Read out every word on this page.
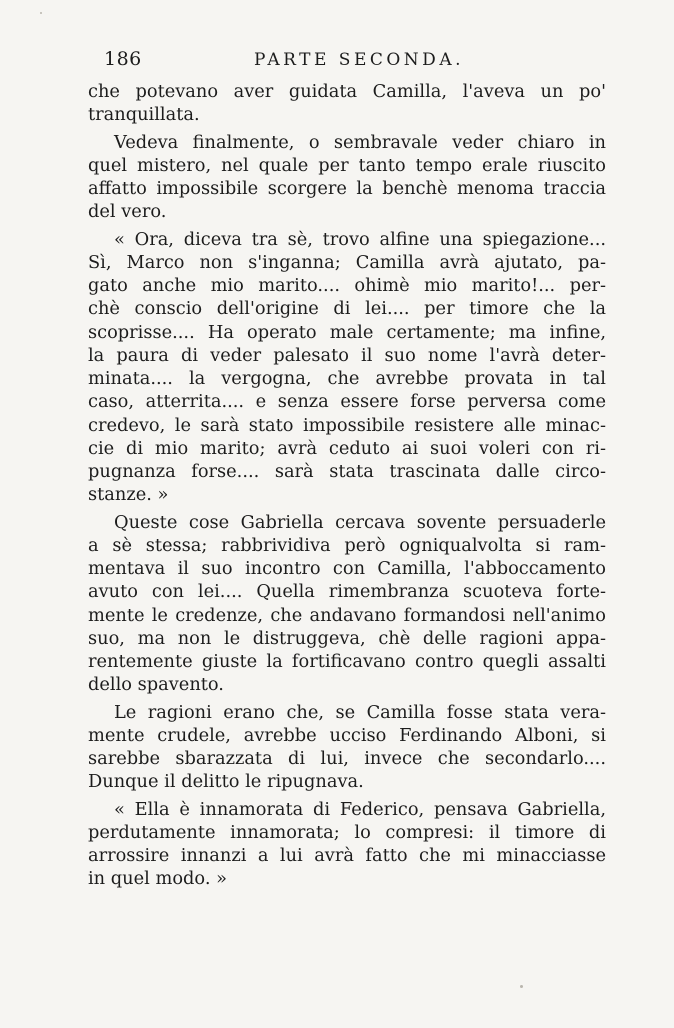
186	PARTE SECONDA.
che potevano aver guidata Camilla, l'aveva un po'
tranquillata.
Vedeva finalmente, o sembravale veder chiaro in
quel mistero, nel quale per tanto tempo erale riuscito
affatto impossibile scorgere la benchè menoma traccia
del vero.
« Ora, diceva tra sè, trovo alfine una spiegazione...
Sì, Marco non s'inganna; Camilla avrà ajutato, pa-
gato anche mio marito.... ohimè mio marito!... per-
chè conscio dell'origine di lei.... per timore che la
scoprisse.... Ha operato male certamente; ma infine,
la paura di veder palesato il suo nome l'avrà deter-
minata.... la vergogna, che avrebbe provata in tal
caso, atterrita.... e senza essere forse perversa come
credevo, le sarà stato impossibile resistere alle minac-
cie di mio marito; avrà ceduto ai suoi voleri con ri-
pugnanza forse.... sarà stata trascinata dalle circo-
stanze. »
Queste cose Gabriella cercava sovente persuaderle
a sè stessa; rabbrividiva però ogniqualvolta si ram-
mentava il suo incontro con Camilla, l'abboccamento
avuto con lei.... Quella rimembranza scuoteva forte-
mente le credenze, che andavano formandosi nell'animo
suo, ma non le distruggeva, chè delle ragioni appa-
rentemente giuste la fortificavano contro quegli assalti
dello spavento.
Le ragioni erano che, se Camilla fosse stata vera-
mente crudele, avrebbe ucciso Ferdinando Alboni, si
sarebbe sbarazzata di lui, invece che secondarlo....
Dunque il delitto le ripugnava.
« Ella è innamorata di Federico, pensava Gabriella,
perdutamente innamorata; lo compresi: il timore di
arrossire innanzi a lui avrà fatto che mi minacciasse
in quel modo. »
